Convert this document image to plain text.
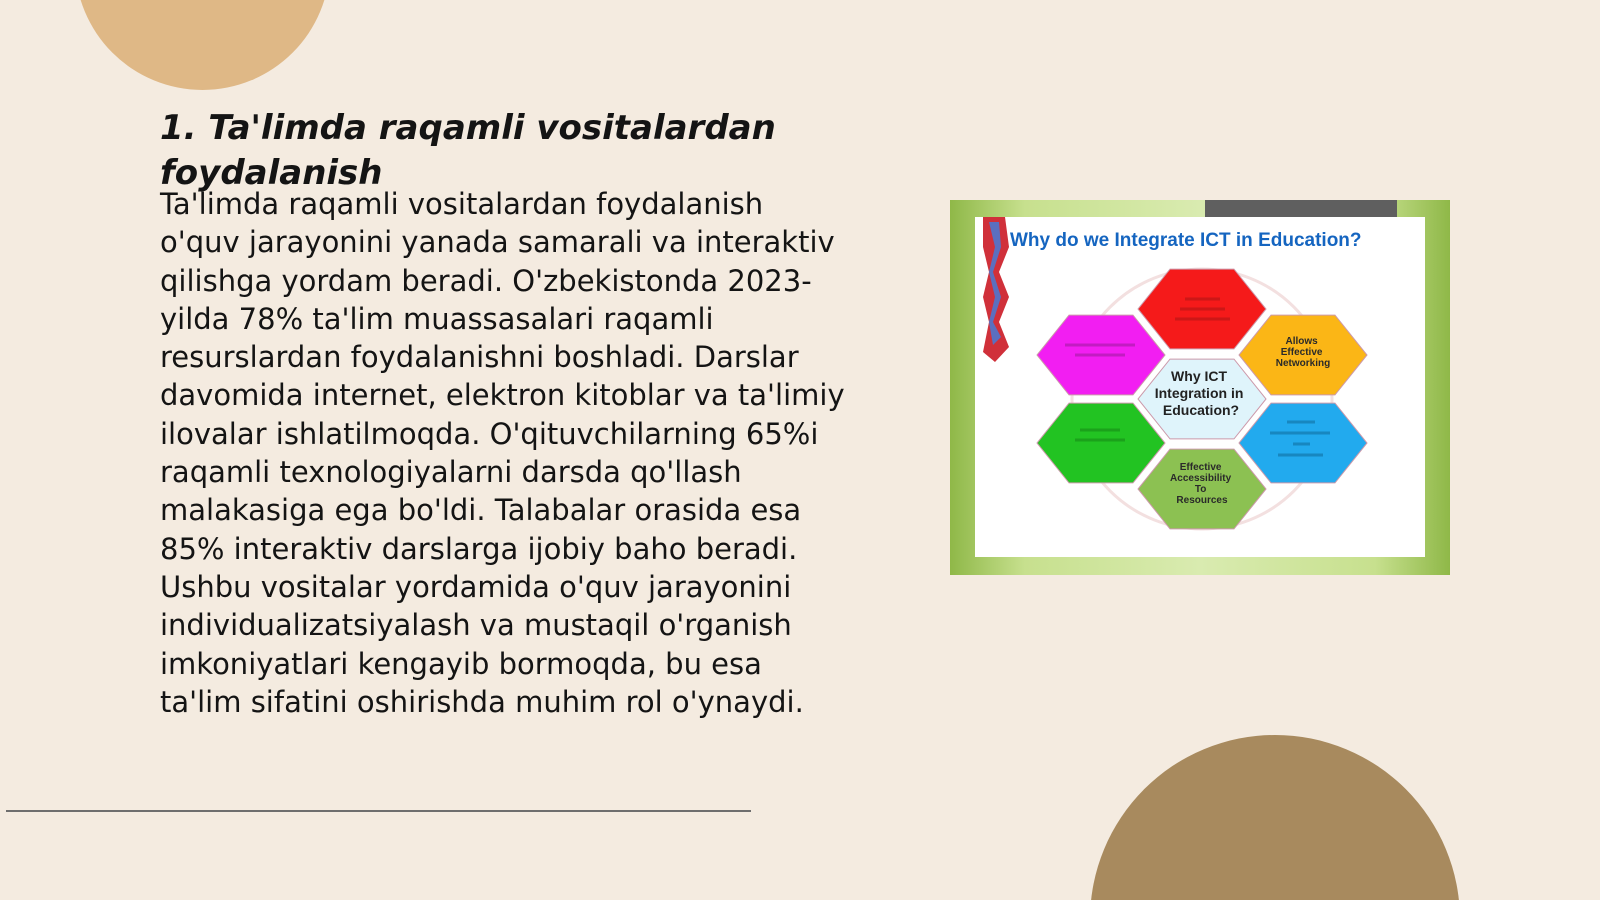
1. Ta'limda raqamli vositalardan foydalanish

Ta'limda raqamli vositalardan foydalanish o'quv jarayonini yanada samarali va interaktiv qilishga yordam beradi. O'zbekistonda 2023-yilda 78% ta'lim muassasalari raqamli resurslardan foydalanishni boshladi. Darslar davomida internet, elektron kitoblar va ta'limiy ilovalar ishlatilmoqda. O'qituvchilarning 65%i raqamli texnologiyalarni darsda qo'llash malakasiga ega bo'ldi. Talabalar orasida esa 85% interaktiv darslarga ijobiy baho beradi. Ushbu vositalar yordamida o'quv jarayonini individualizatsiyalash va mustaqil o'rganish imkoniyatlari kengayib bormoqda, bu esa ta'lim sifatini oshirishda muhim rol o'ynaydi.

Why do we Integrate ICT in Education?
Why ICT Integration in Education?
Allows Effective Networking
Effective Accessibility To Resources
